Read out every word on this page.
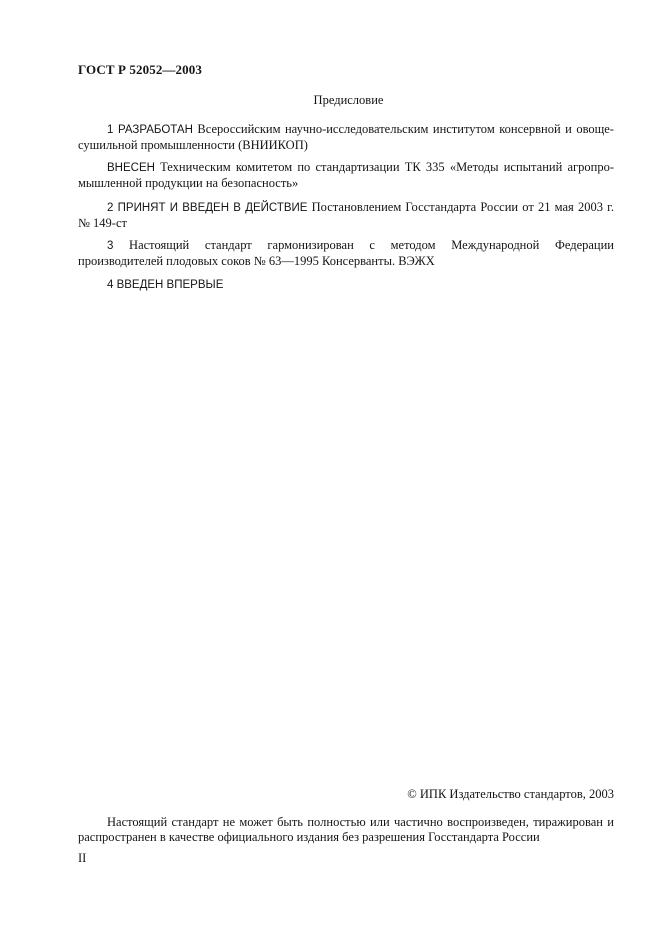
ГОСТ Р 52052—2003
Предисловие
1 РАЗРАБОТАН Всероссийским научно-исследовательским институтом консервной и овоще-сушильной промышленности (ВНИИКОП)
ВНЕСЕН Техническим комитетом по стандартизации ТК 335 «Методы испытаний агропро-мышленной продукции на безопасность»
2 ПРИНЯТ И ВВЕДЕН В ДЕЙСТВИЕ Постановлением Госстандарта России от 21 мая 2003 г. № 149-ст
3 Настоящий стандарт гармонизирован с методом Международной Федерации производителей плодовых соков № 63—1995 Консерванты. ВЭЖХ
4 ВВЕДЕН ВПЕРВЫЕ
© ИПК Издательство стандартов, 2003
Настоящий стандарт не может быть полностью или частично воспроизведен, тиражирован и распространен в качестве официального издания без разрешения Госстандарта России
II
